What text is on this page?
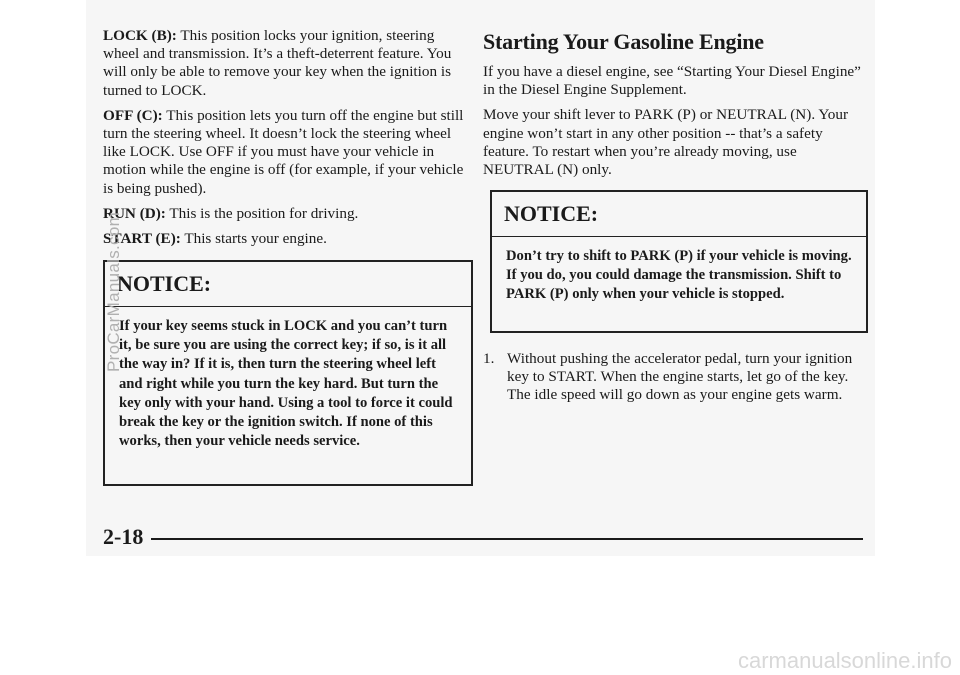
LOCK (B): This position locks your ignition, steering wheel and transmission. It’s a theft-deterrent feature. You will only be able to remove your key when the ignition is turned to LOCK.

OFF (C): This position lets you turn off the engine but still turn the steering wheel. It doesn’t lock the steering wheel like LOCK. Use OFF if you must have your vehicle in motion while the engine is off (for example, if your vehicle is being pushed).

RUN (D): This is the position for driving.

START (E): This starts your engine.

NOTICE:
If your key seems stuck in LOCK and you can’t turn it, be sure you are using the correct key; if so, is it all the way in? If it is, then turn the steering wheel left and right while you turn the key hard. But turn the key only with your hand. Using a tool to force it could break the key or the ignition switch. If none of this works, then your vehicle needs service.
Starting Your Gasoline Engine

If you have a diesel engine, see “Starting Your Diesel Engine” in the Diesel Engine Supplement.

Move your shift lever to PARK (P) or NEUTRAL (N). Your engine won’t start in any other position -- that’s a safety feature. To restart when you’re already moving, use NEUTRAL (N) only.

NOTICE:
Don’t try to shift to PARK (P) if your vehicle is moving. If you do, you could damage the transmission. Shift to PARK (P) only when your vehicle is stopped.
1. Without pushing the accelerator pedal, turn your ignition key to START. When the engine starts, let go of the key. The idle speed will go down as your engine gets warm.
2-18
ProCarManuals.com
carmanualsonline.info
